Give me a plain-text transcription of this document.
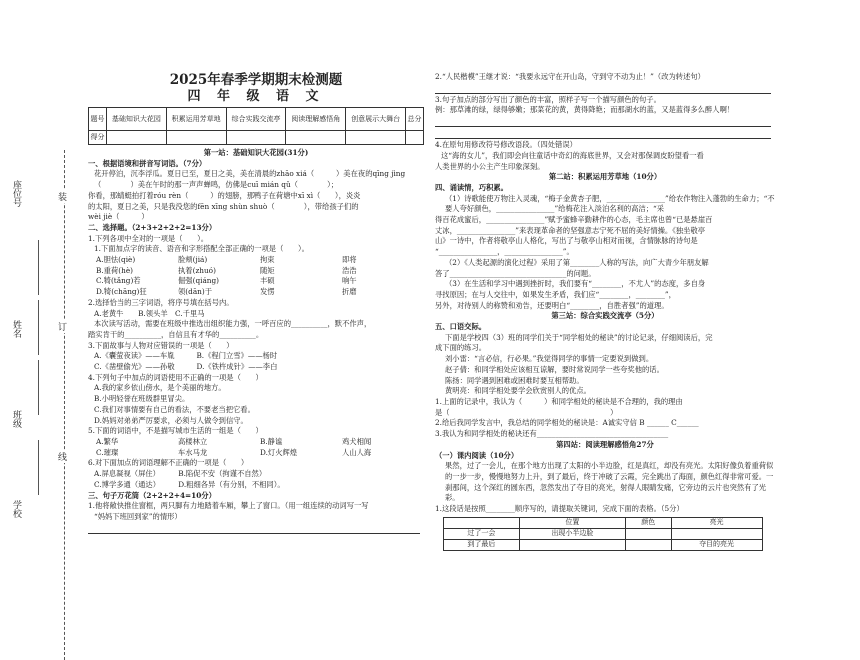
座位号
姓名
班级
学校
装
订
线
2025年春季学期期末检测题
四 年 级 语 文
题号	基础知识大花园	积累运用芳草地	综合实践交流亭	阅读理解感悟角	创意展示大舞台	总分
得分						

第一站：基础知识大花园(31分)

一、根据语境和拼音写词语。（7分）

花开停泊，沉李浮瓜。夏日已至，夏日之美，美在清晨的zhāo xiá（　　　）美在夜的qīng jìng（　　　　）美在午时的那一声声蝉鸣，仿佛是cuī mián qǔ（　　　　）；

你看，那蜻蜓拍打着róu rèn（　　　）的翅膀，那鸭子在荷塘中xī xì（　　），炎炎

的太阳，夏日之美，只是我没您的fēn xīng shùn shuò（　　　　），带给孩子们的

wèi jiè（　　　）

二、选择题。（2+3+2+2+2=13分）

1.下列各项中全对的一项是（　　）。

1.下面加点字的读音、语音和字形搭配全部正确的一项是（　　）。

A.胆怯(qiè)	脸颊(jiá)	拘束	即将
B.重荷(hè)	执着(zhuó)	随矩	浩浩
C.犄(tǎng)若	倔强(qiáng)	丰硕	响午
D.犄(chāng)狂	领(dān)于	发愣	折磨

2.选择恰当的三字词语，将序号填在括号内。

A.老黄牛　　B.领头羊　C.千里马

本次读写活动，需要在班级中推选出组织能力强，一呼百应的__________，默不作声，

踏实肯干的__________，自信且有才华的__________。

3.下面故事与人物对应错误的一项是（　　）

A.《囊萤夜读》——车胤　　　B.《程门立雪》——杨时

C.《凿壁偷光》——孙敬　　　D.《铁杵成针》——李白

4.下列句子中加点的词语使用不正确的一项是（　　）

A.我的家乡依山傍水，是个美丽的地方。

B.小明轻誉在班级群里冒尖。

C.我们对事情要有自己的看法，不要老当把它看。

D.妈妈对弟弟严厉要求，必须与人做令到信守。

5.下面的词语中，不是描写城市生活的一组是（　　）

A.繁华	高楼林立	B.静谧	鸡犬相闻
C.璀璨	车水马龙	D.灯火辉煌	人山人海

6.对下面加点的词语理解不正确的一项是（　　）

A.屏息凝视（屏住）　　　B.陷促不安（拘谨不自然）

C.博学多通（通达）　　　D.粗细各异（有分别，不相同）。

三、句子万花筒（2+2+2+4=10分）

1.他将敞快推住窗框，两只脚有力地踏着车厢，攀上了窗口。（用一组连续的动词写一写

“妈妈下班回到家”的情形）

2.“人民楷模”王继才说：“我要永远守在开山岛，守到守不动为止！”（改为转述句）

3.句子加点的部分写出了颜色的丰富，照样子写一个描写颜色的句子。

例：那草滩的绿，绿得够嫩；那菜花的黄，黄得降艳；而那湖水的蓝，又是蓝得多么醉人啊！

4.在原句用修改符号修改语段。（四处错误）

这“海的女儿”，我们即会向往童话中奇幻的海底世界，又会对那保调皮盼望看一看

人类世界的小公主产生印象深刻。

第二站：积累运用芳草地（10分）

四、诵读情，巧积累。

（1）诗歌能使万物注入灵魂，“梅子金黄杏子肥，________________”给农作物注入蓬勃的生命力；“不要人夸好颜色，________________”给梅花注入淡泊名利的高洁；“采

得百花成蜜后，________________”赋予蜜蜂辛勤耕作的心态，毛主席也曾“已是悬崖百

丈冰，________________”来表现革命者的坚强意志宁死不屈的美好情操。《独坐敬亭

山》一诗中，作者将敬亭山人格化，写出了与敬亭山相对而视，含情脉脉的诗句是

“________________，________________”。

（2）《人类起源的演化过程》采用了第________人称的写法，向广大青少年朋友解

答了________________________________的问题。

（3）在生活和学习中遇到挫折时，我们要有“________，不尤人”的态度，多自身

寻找原因；在与人交往中，如果发生矛盾，我们应“________，________”，

另外，对待别人的称赞和劝告，还要明白“________，自胜者强”的道理。

第三站：综合实践交流亭（5分）

五、口语交际。

下面是学校四（3）班的同学们关于“同学相处的秘诀”的讨论记录，仔细阅读后，完

成下面的练习。

刘小雷：“言必信，行必果。”我觉得同学的事情一定要说到做到。

赵子倩：和同学相处应该相互谅解，要时常说同学一些夸奖他的话。

陈扬：同学遇到困难或困难时要互相帮助。

黄明亮：和同学相处要学会欣赏别人的优点。

1.上面的记录中，我认为（　　　）和同学相处的秘诀是不合理的，我的理由

是（　　　　　　　　　　　　　　　　　　　　　　）

2.给后我同学发言中，我总结的同学相处的秘诀是：A诚实守信 B ______ C______

3.我认为和同学相处的秘诀还有____________________________________

第四站：阅读理解感悟角27分

（一）课内阅读（10分）

果然，过了一会儿，在那个地方出现了太阳的小半边脸，红是真红，却没有亮光。太阳好像负着重荷似的一步一步，慢慢地努力上升，到了最后，终于冲破了云霞，完全跳出了海面，颜色红得非常可爱。一刹那间，这个深红的圆东西，忽然发出了夺目的亮光，射得人眼睛发痛，它旁边的云片也突然有了光彩。

1.这段话是按照________顺序写的，请提取关键词，完成下面的表格。（5分）

	位置	颜色	亮光
过了一会	出现小半边脸		
到了最后			夺目的亮光
